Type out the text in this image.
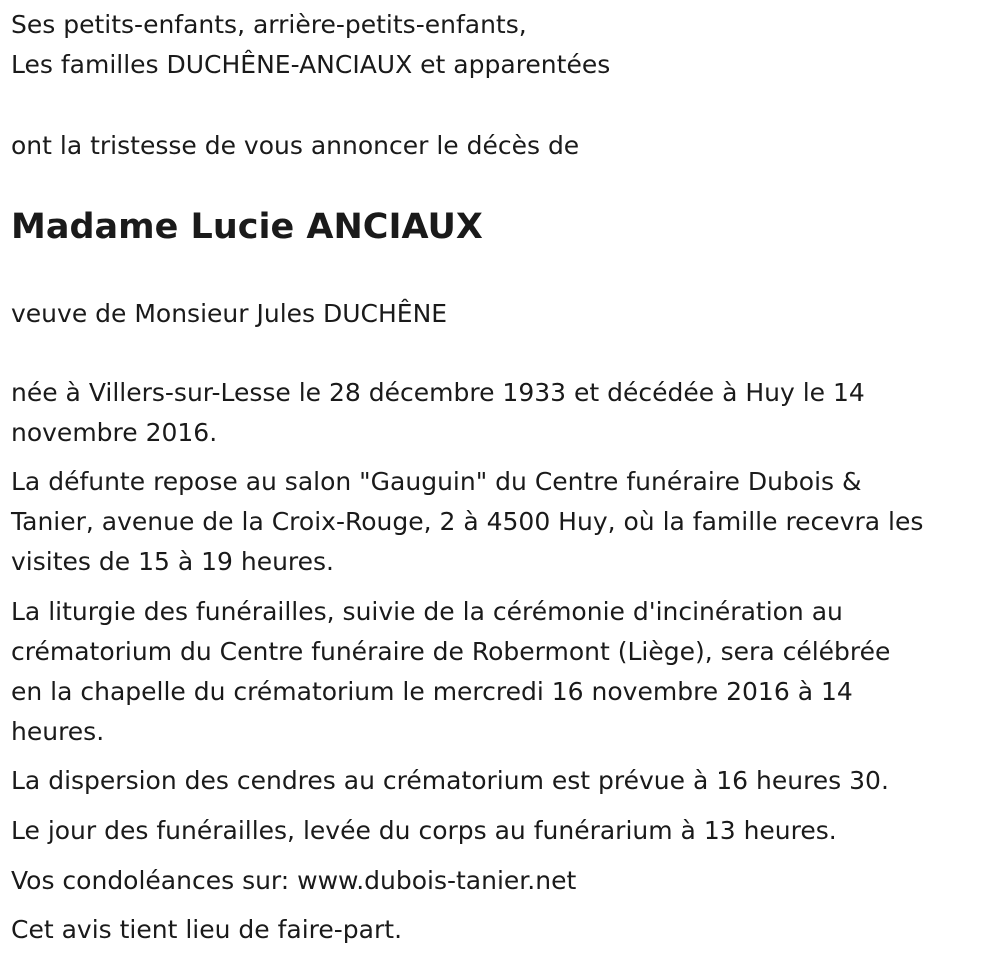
Ses petits-enfants, arrière-petits-enfants,
Les familles DUCHÊNE-ANCIAUX et apparentées
ont la tristesse de vous annoncer le décès de
Madame Lucie ANCIAUX
veuve de Monsieur Jules DUCHÊNE
née à Villers-sur-Lesse le 28 décembre 1933 et décédée à Huy le 14
novembre 2016.
La défunte repose au salon "Gauguin" du Centre funéraire Dubois &
Tanier, avenue de la Croix-Rouge, 2 à 4500 Huy, où la famille recevra les
visites de 15 à 19 heures.
La liturgie des funérailles, suivie de la cérémonie d'incinération au
crématorium du Centre funéraire de Robermont (Liège), sera célébrée
en la chapelle du crématorium le mercredi 16 novembre 2016 à 14
heures.
La dispersion des cendres au crématorium est prévue à 16 heures 30.
Le jour des funérailles, levée du corps au funérarium à 13 heures.
Vos condoléances sur: www.dubois-tanier.net
Cet avis tient lieu de faire-part.
